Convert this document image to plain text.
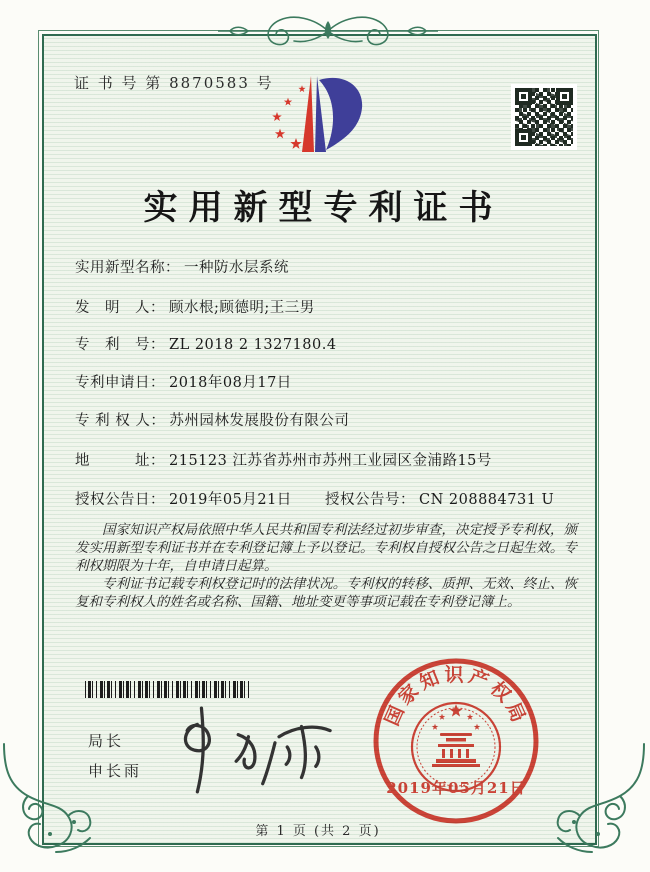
证 书 号 第 8870583 号
实用新型专利证书
实用新型名称： 一种防水层系统
发　明　人： 顾水根;顾德明;王三男
专　利　号： ZL 2018 2 1327180.4
专利申请日： 2018年08月17日
专 利 权 人： 苏州园林发展股份有限公司
地　　　址： 215123 江苏省苏州市苏州工业园区金浦路15号
授权公告日： 2019年05月21日 授权公告号： CN 208884731 U

国家知识产权局依照中华人民共和国专利法经过初步审查，决定授予专利权，颁发实用新型专利证书并在专利登记簿上予以登记。专利权自授权公告之日起生效。专利权期限为十年，自申请日起算。

专利证书记载专利权登记时的法律状况。专利权的转移、质押、无效、终止、恢复和专利权人的姓名或名称、国籍、地址变更等事项记载在专利登记簿上。

局长
申长雨
国家知识产权局
2019年05月21日
第 1 页 (共 2 页)
